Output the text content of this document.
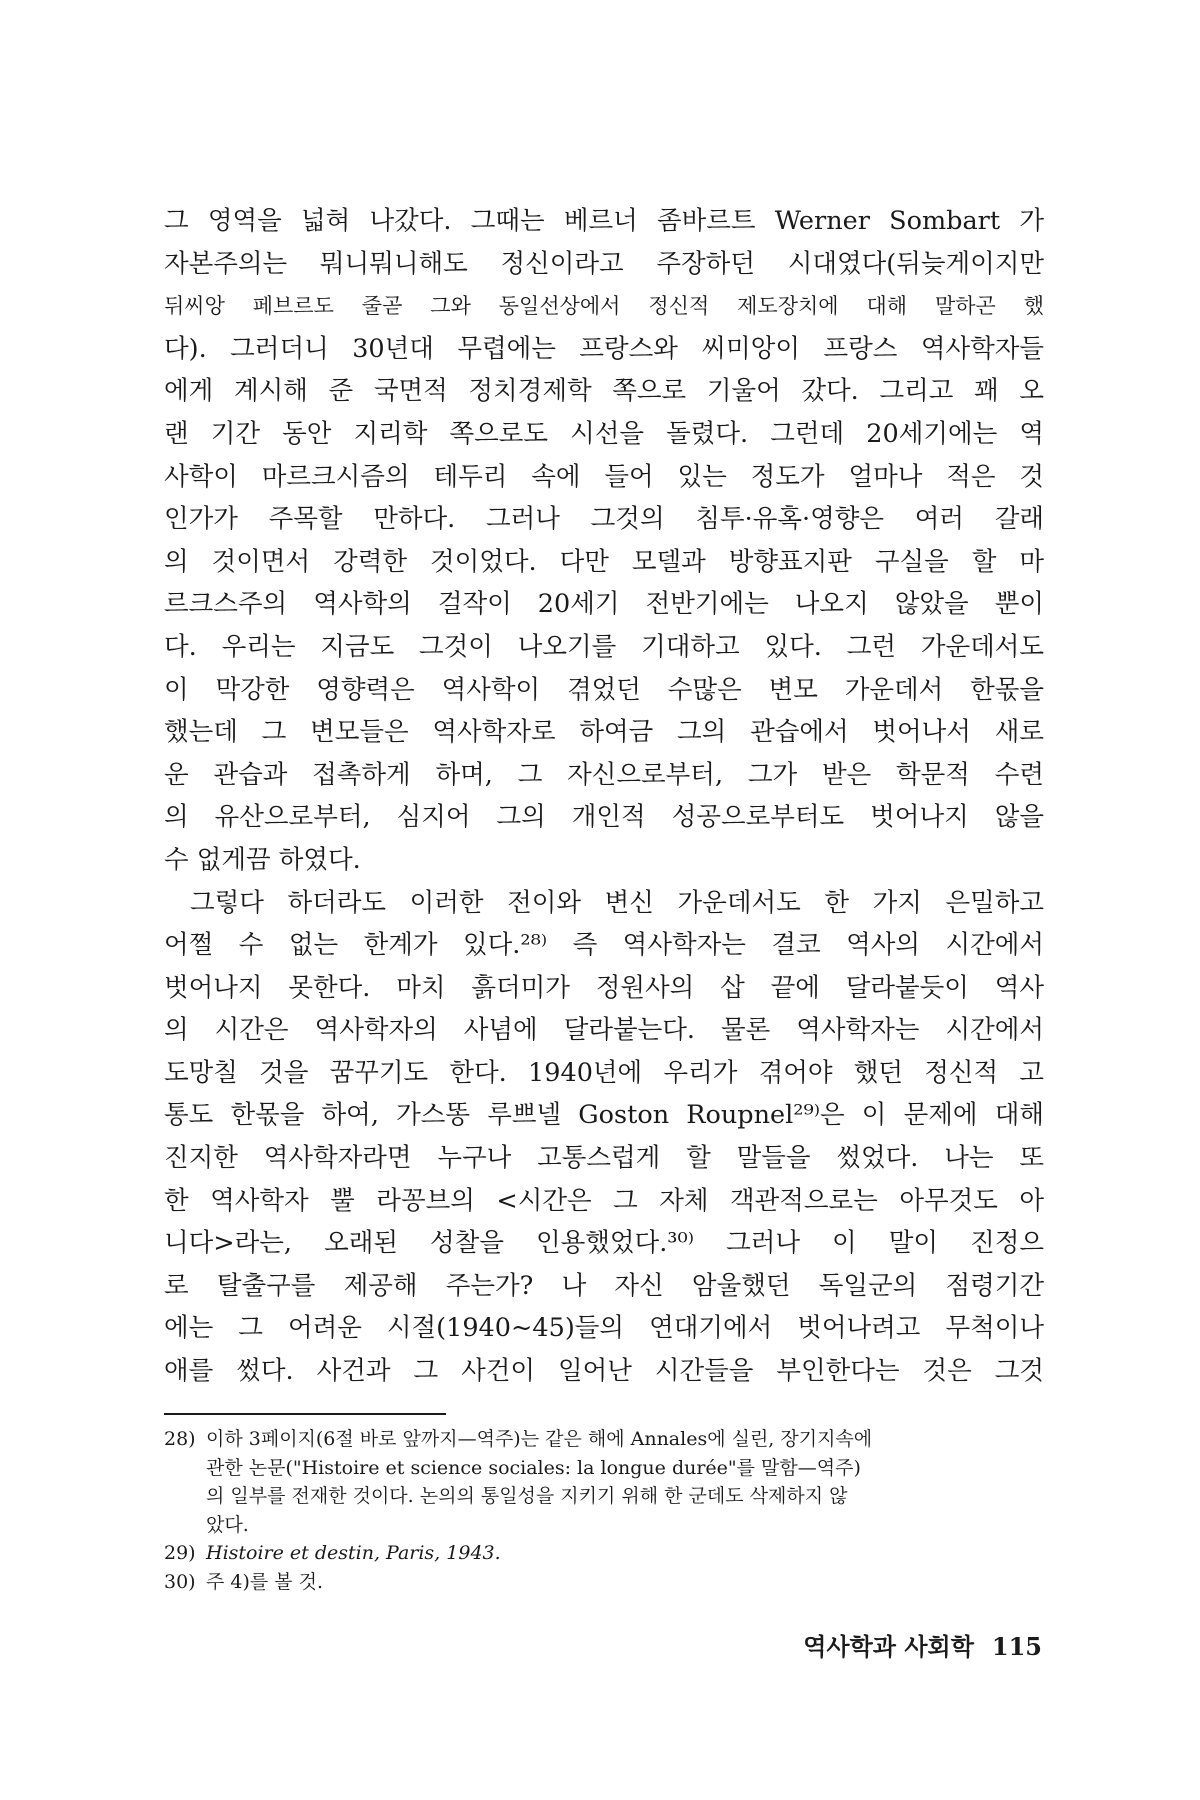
그 영역을 넓혀 나갔다. 그때는 베르너 좀바르트 Werner Sombart 가
자본주의는 뭐니뭐니해도 정신이라고 주장하던 시대였다(뒤늦게이지만
뒤씨앙 페브르도 줄곧 그와 동일선상에서 정신적 제도장치에 대해 말하곤 했
다). 그러더니 30년대 무렵에는 프랑스와 씨미앙이 프랑스 역사학자들
에게 계시해 준 국면적 정치경제학 쪽으로 기울어 갔다. 그리고 꽤 오
랜 기간 동안 지리학 쪽으로도 시선을 돌렸다. 그런데 20세기에는 역
사학이 마르크시즘의 테두리 속에 들어 있는 정도가 얼마나 적은 것
인가가 주목할 만하다. 그러나 그것의 침투·유혹·영향은 여러 갈래
의 것이면서 강력한 것이었다. 다만 모델과 방향표지판 구실을 할 마
르크스주의 역사학의 걸작이 20세기 전반기에는 나오지 않았을 뿐이
다. 우리는 지금도 그것이 나오기를 기대하고 있다. 그런 가운데서도
이 막강한 영향력은 역사학이 겪었던 수많은 변모 가운데서 한몫을
했는데 그 변모들은 역사학자로 하여금 그의 관습에서 벗어나서 새로
운 관습과 접촉하게 하며, 그 자신으로부터, 그가 받은 학문적 수련
의 유산으로부터, 심지어 그의 개인적 성공으로부터도 벗어나지 않을
수 없게끔 하였다.
그렇다 하더라도 이러한 전이와 변신 가운데서도 한 가지 은밀하고
어쩔 수 없는 한계가 있다.²⁸⁾ 즉 역사학자는 결코 역사의 시간에서
벗어나지 못한다. 마치 흙더미가 정원사의 삽 끝에 달라붙듯이 역사
의 시간은 역사학자의 사념에 달라붙는다. 물론 역사학자는 시간에서
도망칠 것을 꿈꾸기도 한다. 1940년에 우리가 겪어야 했던 정신적 고
통도 한몫을 하여, 가스똥 루쁘넬 Goston Roupnel²⁹⁾은 이 문제에 대해
진지한 역사학자라면 누구나 고통스럽게 할 말들을 썼었다. 나는 또
한 역사학자 뿔 라꽁브의 <시간은 그 자체 객관적으로는 아무것도 아
니다>라는, 오래된 성찰을 인용했었다.³⁰⁾ 그러나 이 말이 진정으
로 탈출구를 제공해 주는가? 나 자신 암울했던 독일군의 점령기간
에는 그 어려운 시절(1940~45)들의 연대기에서 벗어나려고 무척이나
애를 썼다. 사건과 그 사건이 일어난 시간들을 부인한다는 것은 그것
28) 이하 3페이지(6절 바로 앞까지—역주)는 같은 해에 Annales에 실린, 장기지속에
관한 논문("Histoire et science sociales: la longue durée"를 말함—역주)
의 일부를 전재한 것이다. 논의의 통일성을 지키기 위해 한 군데도 삭제하지 않
았다.
29) Histoire et destin, Paris, 1943.
30) 주 4)를 볼 것.
역사학과 사회학 115
